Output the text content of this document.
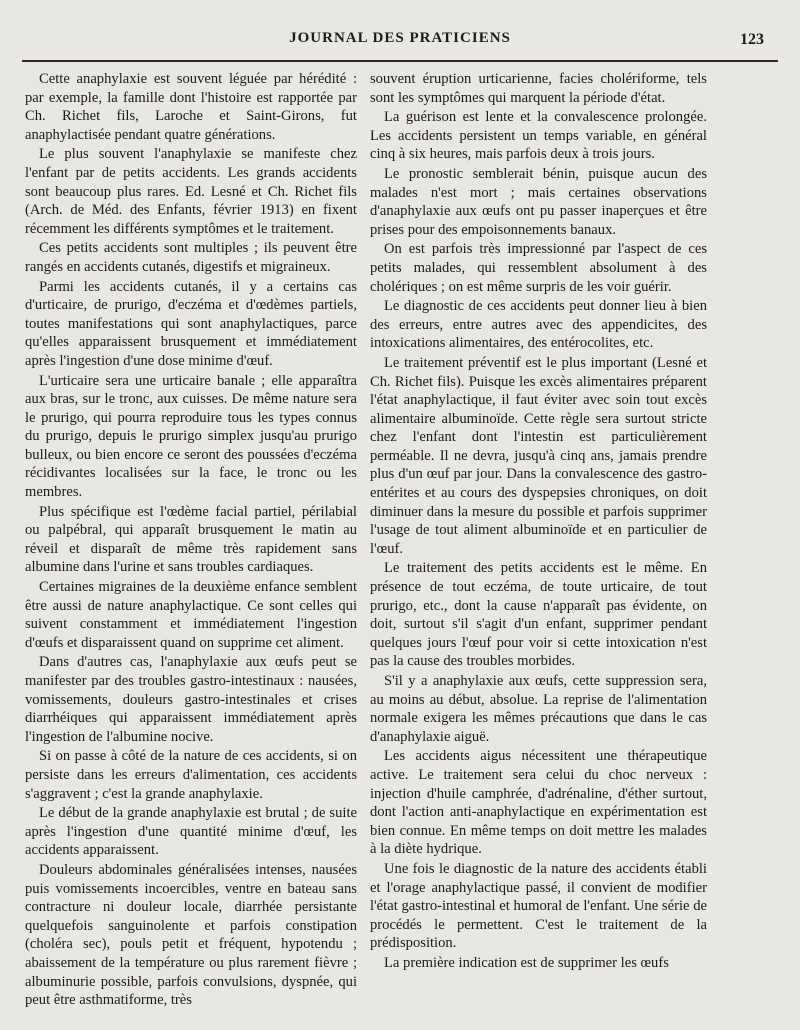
JOURNAL DES PRATICIENS	123

Cette anaphylaxie est souvent léguée par hérédité : par exemple, la famille dont l'histoire est rapportée par Ch. Richet fils, Laroche et Saint-Girons, fut anaphylactisée pendant quatre générations.

Le plus souvent l'anaphylaxie se manifeste chez l'enfant par de petits accidents. Les grands accidents sont beaucoup plus rares. Ed. Lesné et Ch. Richet fils (Arch. de Méd. des Enfants, février 1913) en fixent récemment les différents symptômes et le traitement.

Ces petits accidents sont multiples ; ils peuvent être rangés en accidents cutanés, digestifs et migraineux.

Parmi les accidents cutanés, il y a certains cas d'urticaire, de prurigo, d'eczéma et d'œdèmes partiels, toutes manifestations qui sont anaphylactiques, parce qu'elles apparaissent brusquement et immédiatement après l'ingestion d'une dose minime d'œuf.

L'urticaire sera une urticaire banale ; elle apparaîtra aux bras, sur le tronc, aux cuisses. De même nature sera le prurigo, qui pourra reproduire tous les types connus du prurigo, depuis le prurigo simplex jusqu'au prurigo bulleux, ou bien encore ce seront des poussées d'eczéma récidivantes localisées sur la face, le tronc ou les membres.

Plus spécifique est l'œdème facial partiel, périlabial ou palpébral, qui apparaît brusquement le matin au réveil et disparaît de même très rapidement sans albumine dans l'urine et sans troubles cardiaques.

Certaines migraines de la deuxième enfance semblent être aussi de nature anaphylactique. Ce sont celles qui suivent constamment et immédiatement l'ingestion d'œufs et disparaissent quand on supprime cet aliment.

Dans d'autres cas, l'anaphylaxie aux œufs peut se manifester par des troubles gastro-intestinaux : nausées, vomissements, douleurs gastro-intestinales et crises diarrhéiques qui apparaissent immédiatement après l'ingestion de l'albumine nocive.

Si on passe à côté de la nature de ces accidents, si on persiste dans les erreurs d'alimentation, ces accidents s'aggravent ; c'est la grande anaphylaxie.

Le début de la grande anaphylaxie est brutal ; de suite après l'ingestion d'une quantité minime d'œuf, les accidents apparaissent.

Douleurs abdominales généralisées intenses, nausées puis vomissements incoercibles, ventre en bateau sans contracture ni douleur locale, diarrhée persistante quelquefois sanguinolente et parfois constipation (choléra sec), pouls petit et fréquent, hypotendu ; abaissement de la température ou plus rarement fièvre ; albuminurie possible, parfois convulsions, dyspnée, qui peut être asthmatiforme, très

souvent éruption urticarienne, facies cholériforme, tels sont les symptômes qui marquent la période d'état.

La guérison est lente et la convalescence prolongée. Les accidents persistent un temps variable, en général cinq à six heures, mais parfois deux à trois jours.

Le pronostic semblerait bénin, puisque aucun des malades n'est mort ; mais certaines observations d'anaphylaxie aux œufs ont pu passer inaperçues et être prises pour des empoisonnements banaux.

On est parfois très impressionné par l'aspect de ces petits malades, qui ressemblent absolument à des cholériques ; on est même surpris de les voir guérir.

Le diagnostic de ces accidents peut donner lieu à bien des erreurs, entre autres avec des appendicites, des intoxications alimentaires, des entérocolites, etc.

Le traitement préventif est le plus important (Lesné et Ch. Richet fils). Puisque les excès alimentaires préparent l'état anaphylactique, il faut éviter avec soin tout excès alimentaire albuminoïde. Cette règle sera surtout stricte chez l'enfant dont l'intestin est particulièrement perméable. Il ne devra, jusqu'à cinq ans, jamais prendre plus d'un œuf par jour. Dans la convalescence des gastro-entérites et au cours des dyspepsies chroniques, on doit diminuer dans la mesure du possible et parfois supprimer l'usage de tout aliment albuminoïde et en particulier de l'œuf.

Le traitement des petits accidents est le même. En présence de tout eczéma, de toute urticaire, de tout prurigo, etc., dont la cause n'apparaît pas évidente, on doit, surtout s'il s'agit d'un enfant, supprimer pendant quelques jours l'œuf pour voir si cette intoxication n'est pas la cause des troubles morbides.

S'il y a anaphylaxie aux œufs, cette suppression sera, au moins au début, absolue. La reprise de l'alimentation normale exigera les mêmes précautions que dans le cas d'anaphylaxie aiguë.

Les accidents aigus nécessitent une thérapeutique active. Le traitement sera celui du choc nerveux : injection d'huile camphrée, d'adrénaline, d'éther surtout, dont l'action anti-anaphylactique en expérimentation est bien connue. En même temps on doit mettre les malades à la diète hydrique.

Une fois le diagnostic de la nature des accidents établi et l'orage anaphylactique passé, il convient de modifier l'état gastro-intestinal et humoral de l'enfant. Une série de procédés le permettent. C'est le traitement de la prédisposition.

La première indication est de supprimer les œufs
